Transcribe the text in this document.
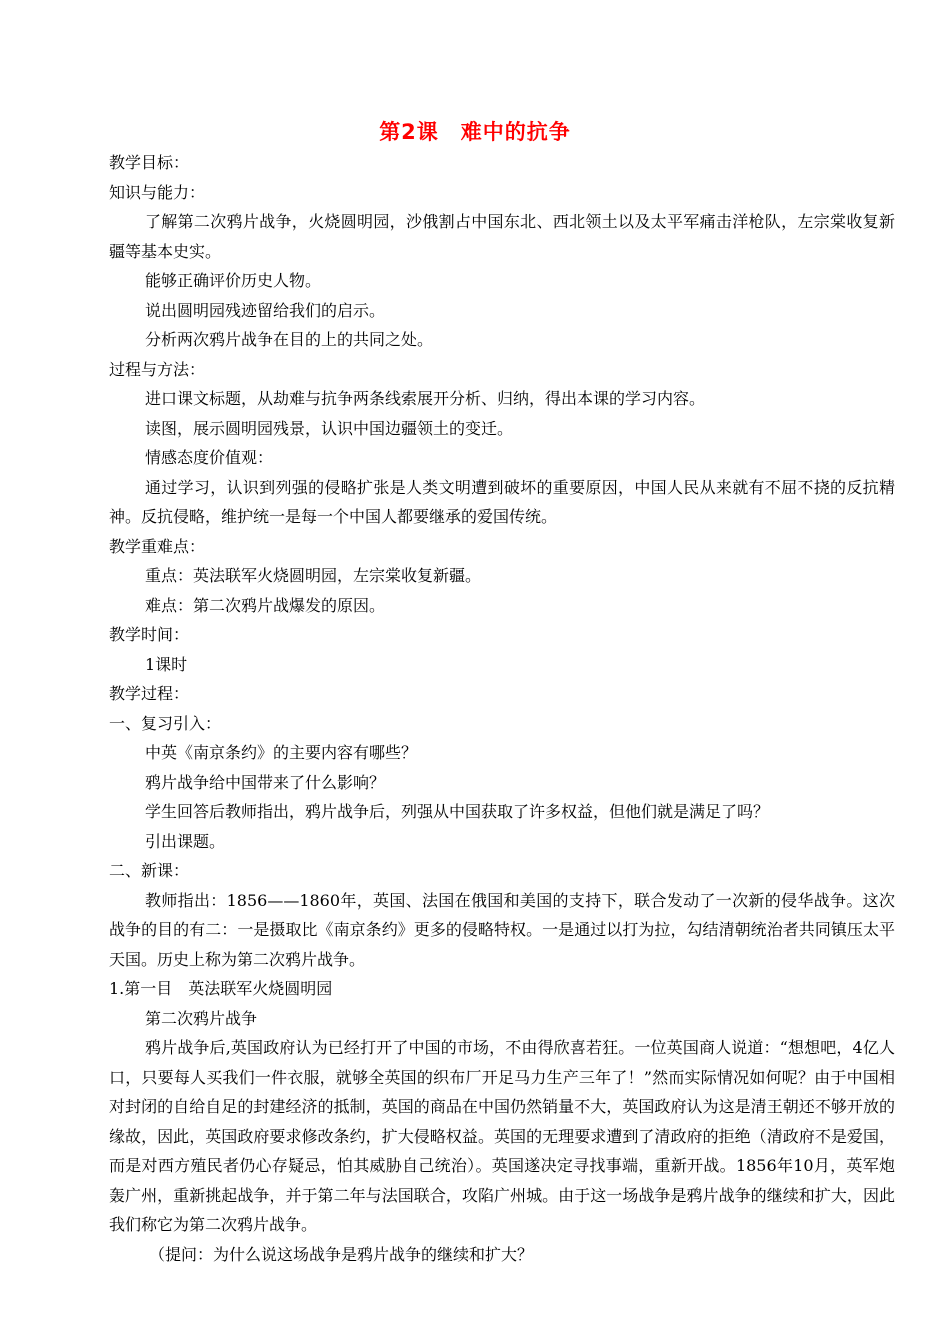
第2课　难中的抗争
教学目标：
知识与能力：
了解第二次鸦片战争，火烧圆明园，沙俄割占中国东北、西北领土以及太平军痛击洋枪队，左宗棠收复新疆等基本史实。
能够正确评价历史人物。
说出圆明园残迹留给我们的启示。
分析两次鸦片战争在目的上的共同之处。
过程与方法：
进口课文标题，从劫难与抗争两条线索展开分析、归纳，得出本课的学习内容。
读图，展示圆明园残景，认识中国边疆领土的变迁。
情感态度价值观：
通过学习，认识到列强的侵略扩张是人类文明遭到破坏的重要原因，中国人民从来就有不屈不挠的反抗精神。反抗侵略，维护统一是每一个中国人都要继承的爱国传统。
教学重难点：
重点：英法联军火烧圆明园，左宗棠收复新疆。
难点：第二次鸦片战爆发的原因。
教学时间：
1课时
教学过程：
一、复习引入：
中英《南京条约》的主要内容有哪些？
鸦片战争给中国带来了什么影响？
学生回答后教师指出，鸦片战争后，列强从中国获取了许多权益，但他们就是满足了吗？
引出课题。
二、新课：
教师指出：1856——1860年，英国、法国在俄国和美国的支持下，联合发动了一次新的侵华战争。这次战争的目的有二：一是摄取比《南京条约》更多的侵略特权。一是通过以打为拉，勾结清朝统治者共同镇压太平天国。历史上称为第二次鸦片战争。
1.第一目　英法联军火烧圆明园
第二次鸦片战争
鸦片战争后,英国政府认为已经打开了中国的市场，不由得欣喜若狂。一位英国商人说道：“想想吧，4亿人口，只要每人买我们一件衣服，就够全英国的织布厂开足马力生产三年了！”然而实际情况如何呢？由于中国相对封闭的自给自足的封建经济的抵制，英国的商品在中国仍然销量不大，英国政府认为这是清王朝还不够开放的缘故，因此，英国政府要求修改条约，扩大侵略权益。英国的无理要求遭到了清政府的拒绝（清政府不是爱国，而是对西方殖民者仍心存疑忌，怕其威胁自己统治）。英国遂决定寻找事端，重新开战。1856年10月，英军炮轰广州，重新挑起战争，并于第二年与法国联合，攻陷广州城。由于这一场战争是鸦片战争的继续和扩大，因此我们称它为第二次鸦片战争。
（提问：为什么说这场战争是鸦片战争的继续和扩大？
